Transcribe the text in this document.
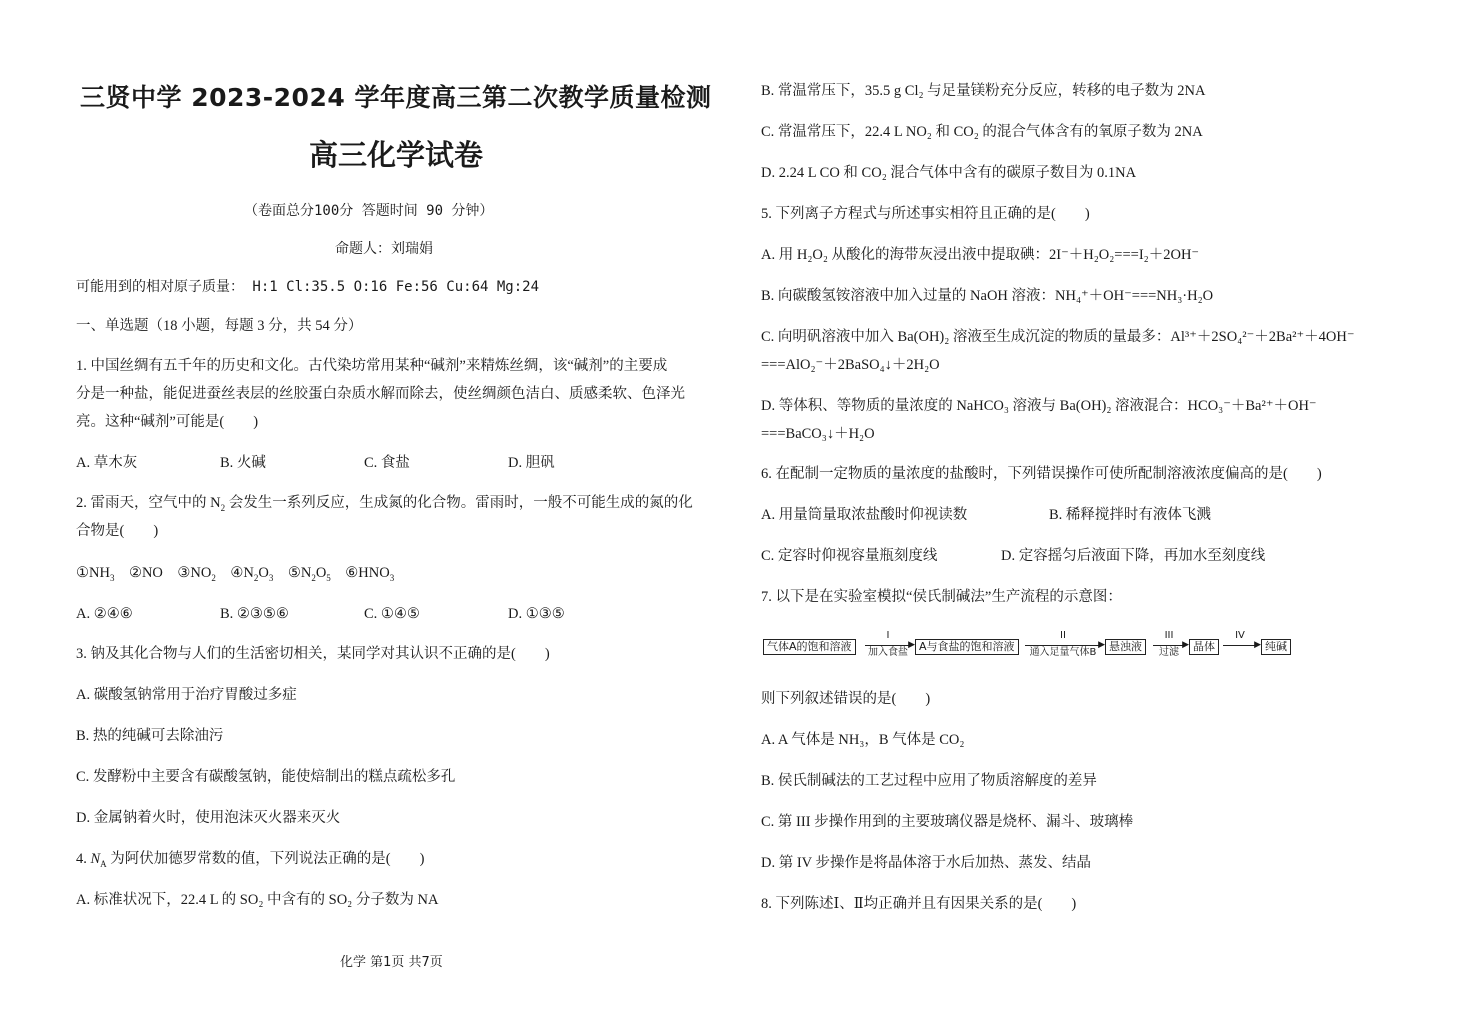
三贤中学 2023-2024 学年度高三第二次教学质量检测
高三化学试卷
（卷面总分100分 答题时间 90 分钟）
命题人：刘瑞娟
可能用到的相对原子质量： H:1 Cl:35.5 O:16 Fe:56 Cu:64 Mg:24
一、单选题（18 小题，每题 3 分，共 54 分）
1. 中国丝绸有五千年的历史和文化。古代染坊常用某种“碱剂”来精炼丝绸，该“碱剂”的主要成
分是一种盐，能促进蚕丝表层的丝胶蛋白杂质水解而除去，使丝绸颜色洁白、质感柔软、色泽光
亮。这种“碱剂”可能是(　　)
A. 草木灰	B. 火碱	C. 食盐	D. 胆矾
2. 雷雨天，空气中的 $N_2$ 会发生一系列反应，生成氮的化合物。雷雨时，一般不可能生成的氮的化
合物是(　　)
$①NH_3$ ②NO $③NO_2$ $④N_2O_3$ $⑤N_2O_5$ $⑥HNO_3$
A. ②④⑥	B. ②③⑤⑥	C. ①④⑤	D. ①③⑤
3. 钠及其化合物与人们的生活密切相关，某同学对其认识不正确的是(　　)
A. 碳酸氢钠常用于治疗胃酸过多症
B. 热的纯碱可去除油污
C. 发酵粉中主要含有碳酸氢钠，能使焙制出的糕点疏松多孔
D. 金属钠着火时，使用泡沫灭火器来灭火
4. $N_A$ 为阿伏加德罗常数的值，下列说法正确的是(　　)
A. 标准状况下，22.4 L 的 SO₂ 中含有的 SO₂ 分子数为 NA
B. 常温常压下，35.5 g Cl₂ 与足量镁粉充分反应，转移的电子数为 2NA
C. 常温常压下，22.4 L NO₂ 和 CO₂ 的混合气体含有的氧原子数为 2NA
D. 2.24 L CO 和 CO₂ 混合气体中含有的碳原子数目为 0.1NA
5. 下列离子方程式与所述事实相符且正确的是(　　)
A. 用 H₂O₂ 从酸化的海带灰浸出液中提取碘：2I⁻＋H₂O₂===I₂＋2OH⁻
B. 向碳酸氢铵溶液中加入过量的 NaOH 溶液：NH₄⁺＋OH⁻===NH₃·H₂O
C. 向明矾溶液中加入 Ba(OH)₂ 溶液至生成沉淀的物质的量最多：Al³⁺＋2SO₄²⁻＋2Ba²⁺＋4OH⁻
===AlO₂⁻＋2BaSO₄↓＋2H₂O
D. 等体积、等物质的量浓度的 NaHCO₃ 溶液与 Ba(OH)₂ 溶液混合：HCO₃⁻＋Ba²⁺＋OH⁻
===BaCO₃↓＋H₂O
6. 在配制一定物质的量浓度的盐酸时，下列错误操作可使所配制溶液浓度偏高的是(　　)
A. 用量筒量取浓盐酸时仰视读数	B. 稀释搅拌时有液体飞溅
C. 定容时仰视容量瓶刻度线	D. 定容摇匀后液面下降，再加水至刻度线
7. 以下是在实验室模拟“侯氏制碱法”生产流程的示意图：
则下列叙述错误的是(　　)
A. A 气体是 NH₃，B 气体是 CO₂
B. 侯氏制碱法的工艺过程中应用了物质溶解度的差异
C. 第 III 步操作用到的主要玻璃仪器是烧杯、漏斗、玻璃棒
D. 第 IV 步操作是将晶体溶于水后加热、蒸发、结晶
8. 下列陈述Ⅰ、Ⅱ均正确并且有因果关系的是(　　)
气体A的饱和溶液
I
▶
加入食盐	A与食盐的饱和溶液
II
▶
通入足量气体B	悬浊液
III
▶
过滤	晶体
IV
▶ 纯碱
化学 第1页 共7页
